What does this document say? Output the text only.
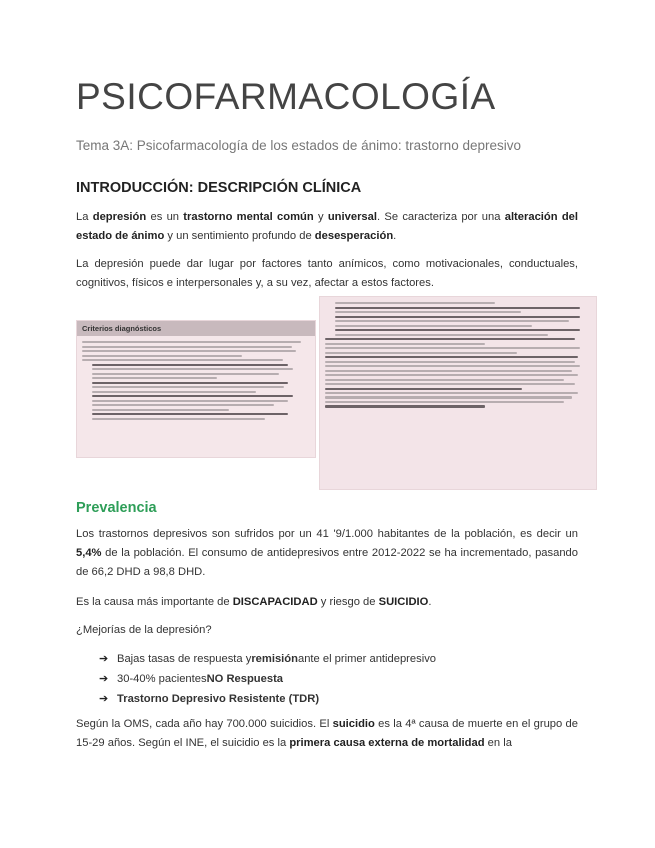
PSICOFARMACOLOGÍA
Tema 3A: Psicofarmacología de los estados de ánimo: trastorno depresivo
INTRODUCCIÓN: DESCRIPCIÓN CLÍNICA
La depresión es un trastorno mental común y universal. Se caracteriza por una alteración del estado de ánimo y un sentimiento profundo de desesperación.
La depresión puede dar lugar por factores tanto anímicos, como motivacionales, conductuales, cognitivos, físicos e interpersonales y, a su vez, afectar a estos factores.
Criterios diagnósticos
Prevalencia
Los trastornos depresivos son sufridos por un 41 '9/1.000 habitantes de la población, es decir un 5,4% de la población. El consumo de antidepresivos entre 2012-2022 se ha incrementado, pasando de 66,2 DHD a 98,8 DHD.
Es la causa más importante de DISCAPACIDAD y riesgo de SUICIDIO.
¿Mejorías de la depresión?
➔ Bajas tasas de respuesta y remisión ante el primer antidepresivo
➔ 30-40% pacientes NO Respuesta
➔ Trastorno Depresivo Resistente (TDR)
Según la OMS, cada año hay 700.000 suicidios. El suicidio es la 4ª causa de muerte en el grupo de 15-29 años. Según el INE, el suicidio es la primera causa externa de mortalidad en la
